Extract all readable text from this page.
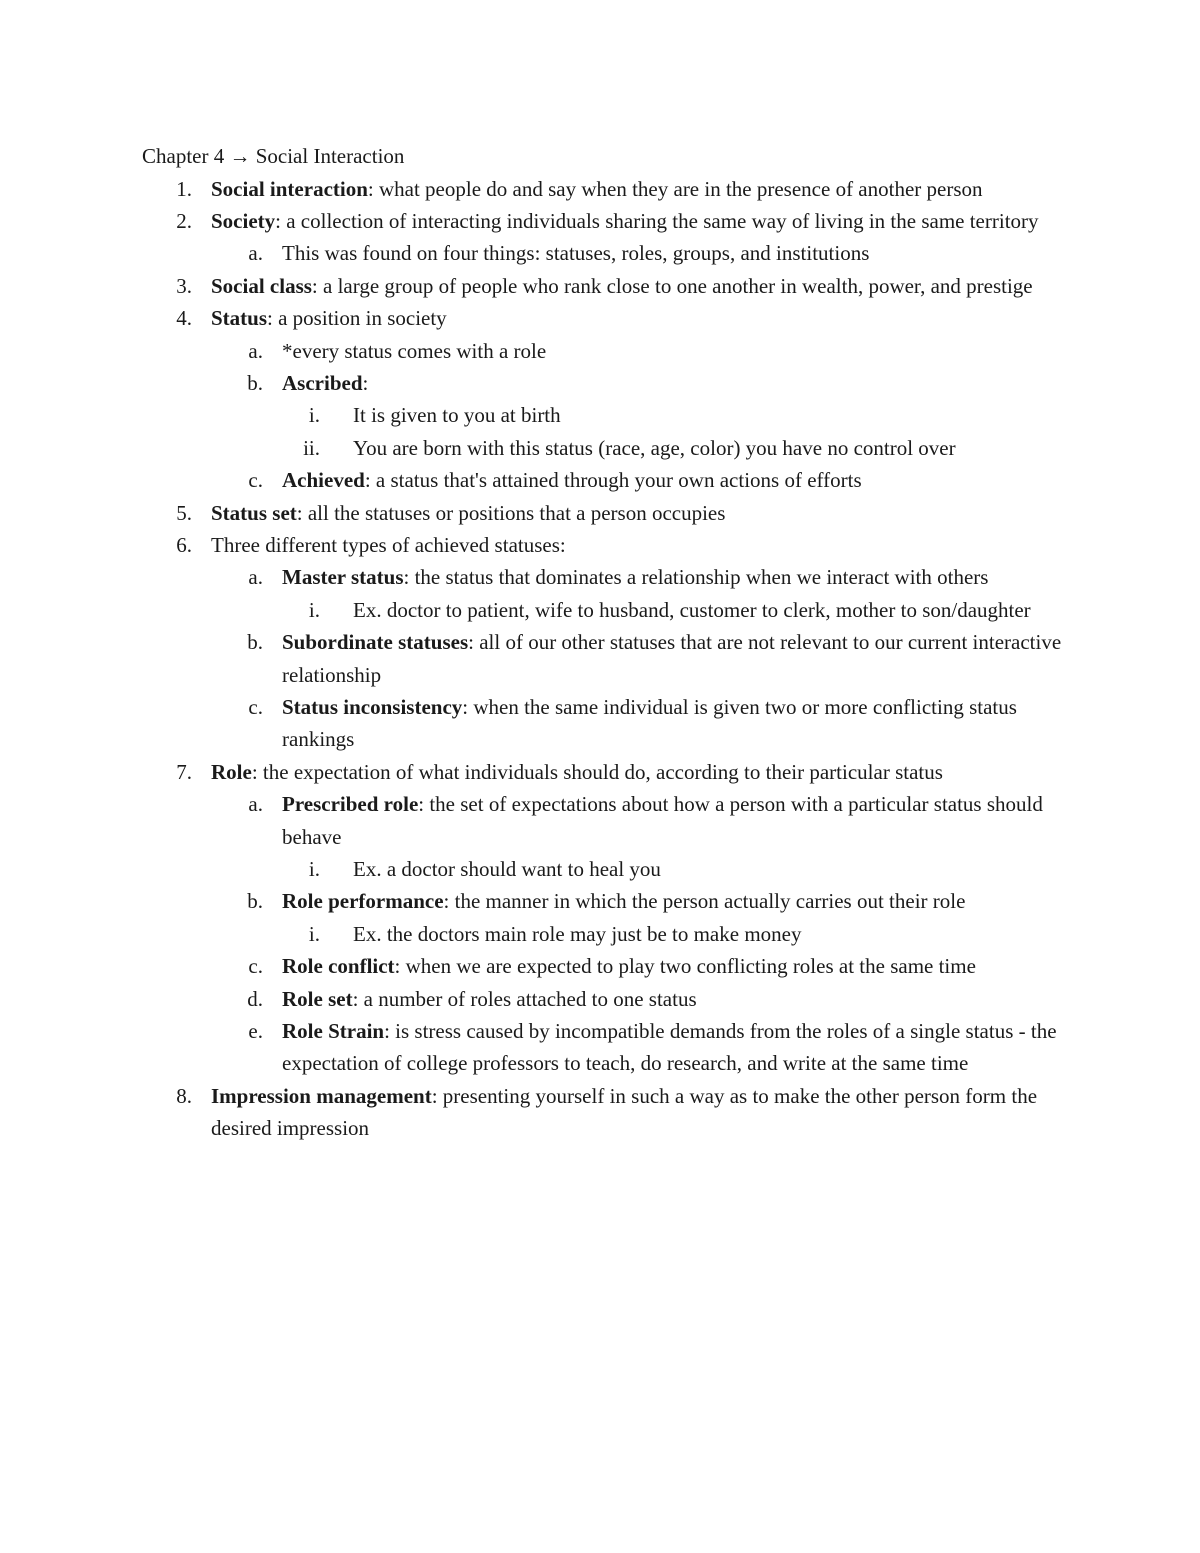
Chapter 4 → Social Interaction
1. Social interaction: what people do and say when they are in the presence of another person
2. Society: a collection of interacting individuals sharing the same way of living in the same territory
a. This was found on four things: statuses, roles, groups, and institutions
3. Social class: a large group of people who rank close to one another in wealth, power, and prestige
4. Status: a position in society
a. *every status comes with a role
b. Ascribed:
i. It is given to you at birth
ii. You are born with this status (race, age, color) you have no control over
c. Achieved: a status that's attained through your own actions of efforts
5. Status set: all the statuses or positions that a person occupies
6. Three different types of achieved statuses:
a. Master status: the status that dominates a relationship when we interact with others
i. Ex. doctor to patient, wife to husband, customer to clerk, mother to son/daughter
b. Subordinate statuses: all of our other statuses that are not relevant to our current interactive relationship
c. Status inconsistency: when the same individual is given two or more conflicting status rankings
7. Role: the expectation of what individuals should do, according to their particular status
a. Prescribed role: the set of expectations about how a person with a particular status should behave
i. Ex. a doctor should want to heal you
b. Role performance: the manner in which the person actually carries out their role
i. Ex. the doctors main role may just be to make money
c. Role conflict: when we are expected to play two conflicting roles at the same time
d. Role set: a number of roles attached to one status
e. Role Strain: is stress caused by incompatible demands from the roles of a single status - the expectation of college professors to teach, do research, and write at the same time
8. Impression management: presenting yourself in such a way as to make the other person form the desired impression
